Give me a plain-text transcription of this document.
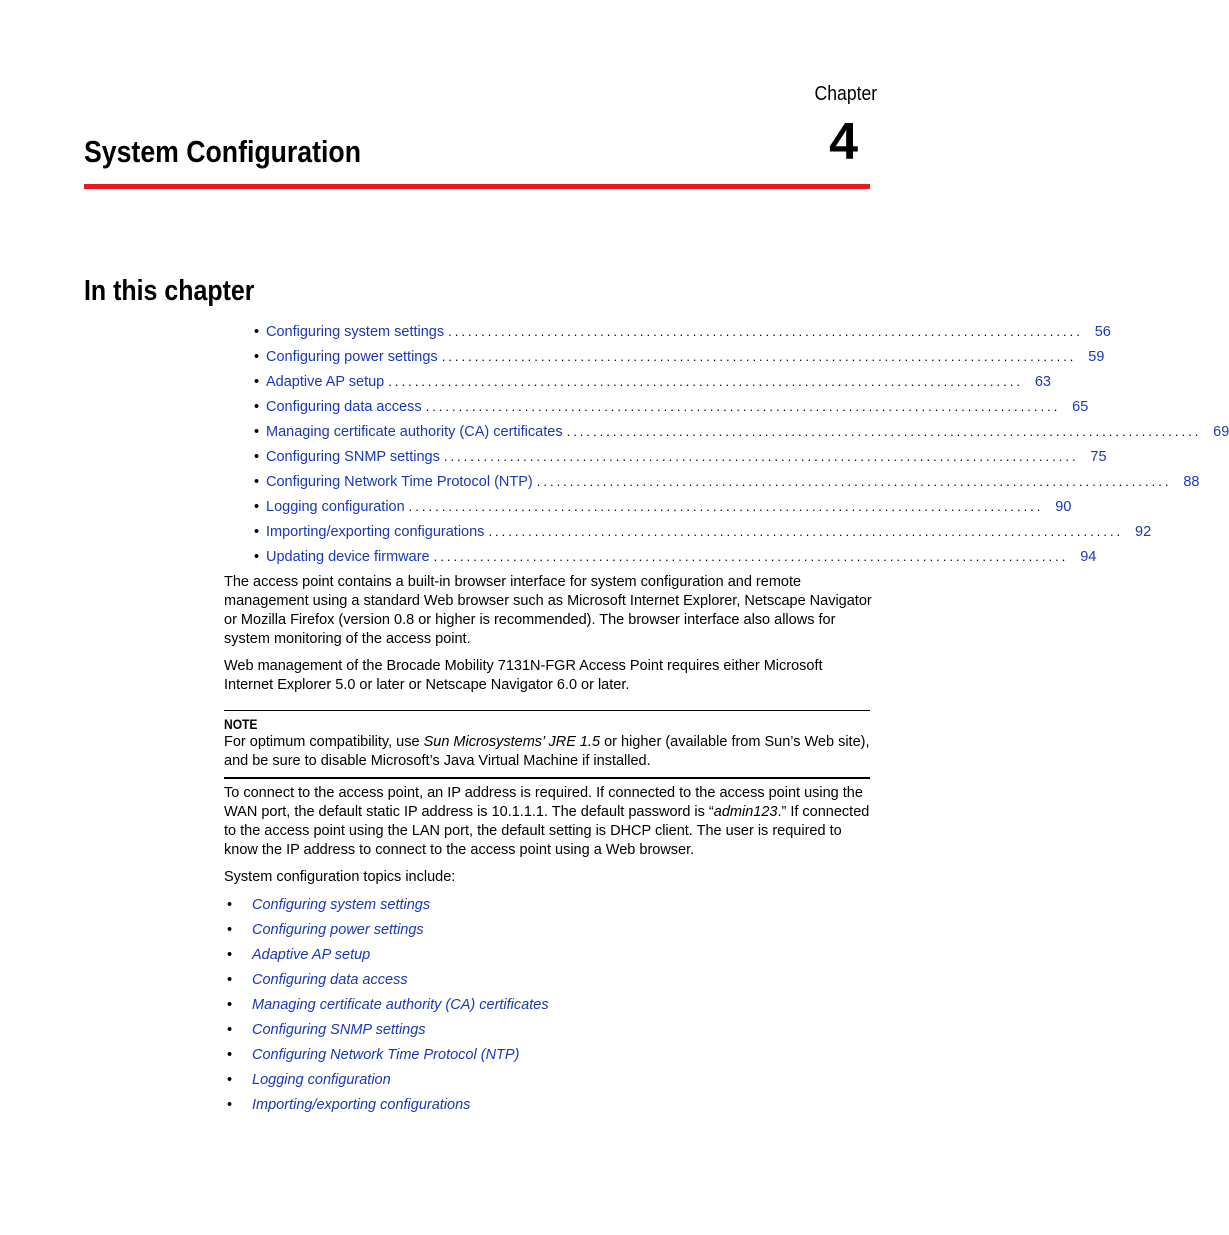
Chapter
4
System Configuration
In this chapter
• Configuring system settings ................................................................................................ 56
• Configuring power settings ................................................................................................ 59
• Adaptive AP setup ................................................................................................ 63
• Configuring data access ................................................................................................ 65
• Managing certificate authority (CA) certificates ................................................................................................ 69
• Configuring SNMP settings ................................................................................................ 75
• Configuring Network Time Protocol (NTP) ................................................................................................ 88
• Logging configuration ................................................................................................ 90
• Importing/exporting configurations ................................................................................................ 92
• Updating device firmware ................................................................................................ 94

The access point contains a built-in browser interface for system configuration and remote management using a standard Web browser such as Microsoft Internet Explorer, Netscape Navigator or Mozilla Firefox (version 0.8 or higher is recommended). The browser interface also allows for system monitoring of the access point.

Web management of the Brocade Mobility 7131N-FGR Access Point requires either Microsoft Internet Explorer 5.0 or later or Netscape Navigator 6.0 or later.

NOTE

For optimum compatibility, use Sun Microsystems’ JRE 1.5 or higher (available from Sun’s Web site), and be sure to disable Microsoft’s Java Virtual Machine if installed.

To connect to the access point, an IP address is required. If connected to the access point using the WAN port, the default static IP address is 10.1.1.1. The default password is “admin123.” If connected to the access point using the LAN port, the default setting is DHCP client. The user is required to know the IP address to connect to the access point using a Web browser.

System configuration topics include:

•	Configuring system settings
•	Configuring power settings
•	Adaptive AP setup
•	Configuring data access
•	Managing certificate authority (CA) certificates
•	Configuring SNMP settings
•	Configuring Network Time Protocol (NTP)
•	Logging configuration
•	Importing/exporting configurations
